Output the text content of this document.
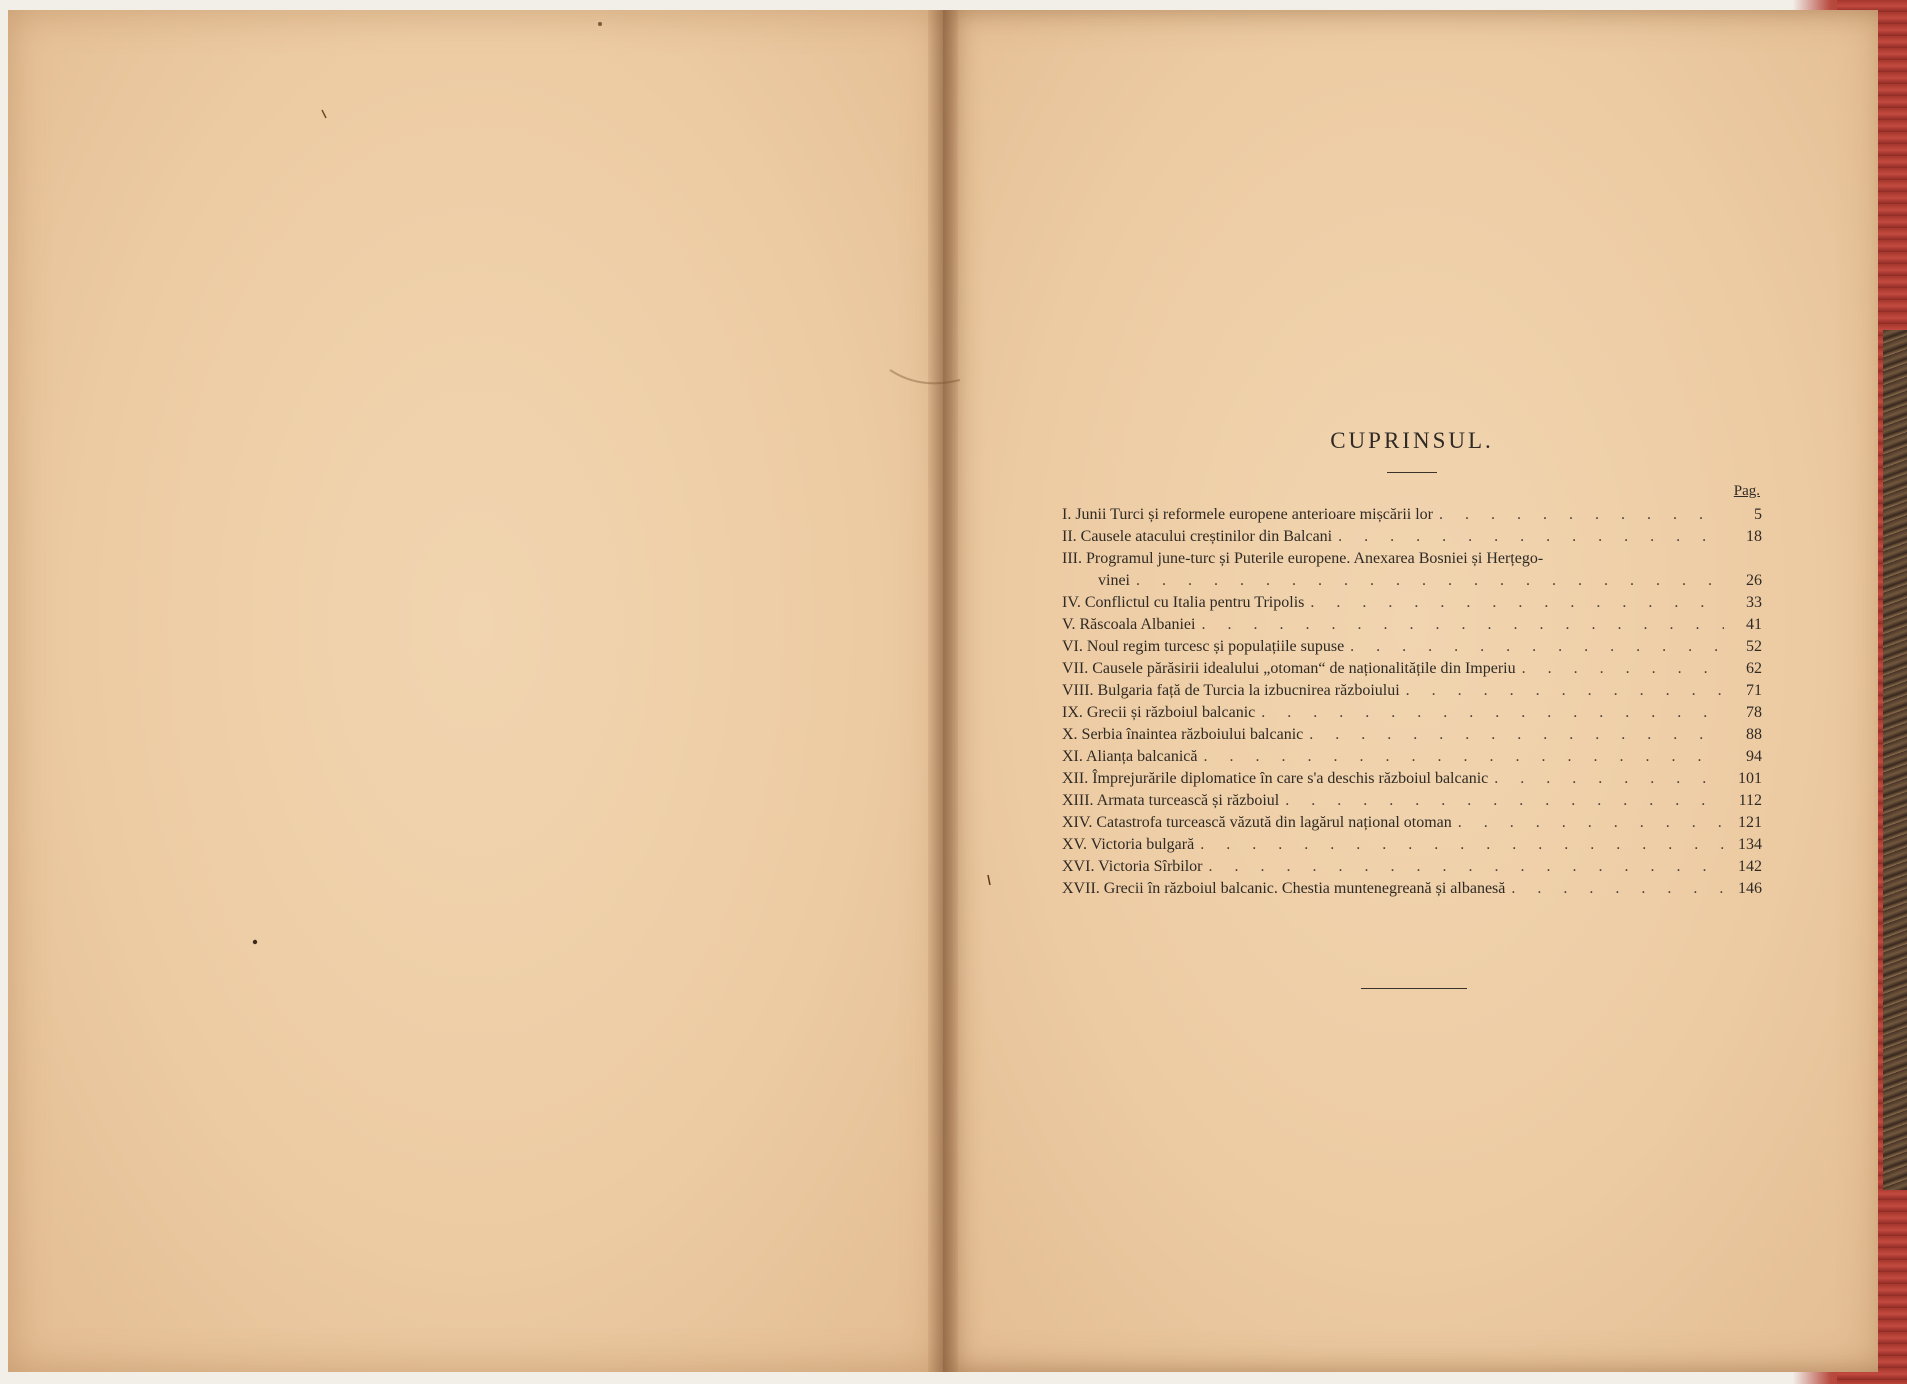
CUPRINSUL.
Pag.
I. Junii Turci și reformele europene anterioare mișcării lor . . .	5
II. Causele atacului creștinilor din Balcani . . .	18
III. Programul june-turc și Puterile europene. Anexarea Bosniei și Herțego-
vinei . . .	26
IV. Conflictul cu Italia pentru Tripolis . . .	33
V. Răscoala Albaniei . . .	41
VI. Noul regim turcesc și populațiile supuse . . .	52
VII. Causele părăsirii idealului „otoman“ de naționalitățile din Imperiu . . .	62
VIII. Bulgaria față de Turcia la izbucnirea războiului . . .	71
IX. Grecii și războiul balcanic . . .	78
X. Serbia înaintea războiului balcanic . . .	88
XI. Alianța balcanică . . .	94
XII. Împrejurările diplomatice în care s'a deschis războiul balcanic . . .	101
XIII. Armata turcească și războiul . . .	112
XIV. Catastrofa turcească văzută din lagărul național otoman . . .	121
XV. Victoria bulgară . . .	134
XVI. Victoria Sîrbilor . . .	142
XVII. Grecii în războiul balcanic. Chestia muntenegreană și albanesă . . .	146
